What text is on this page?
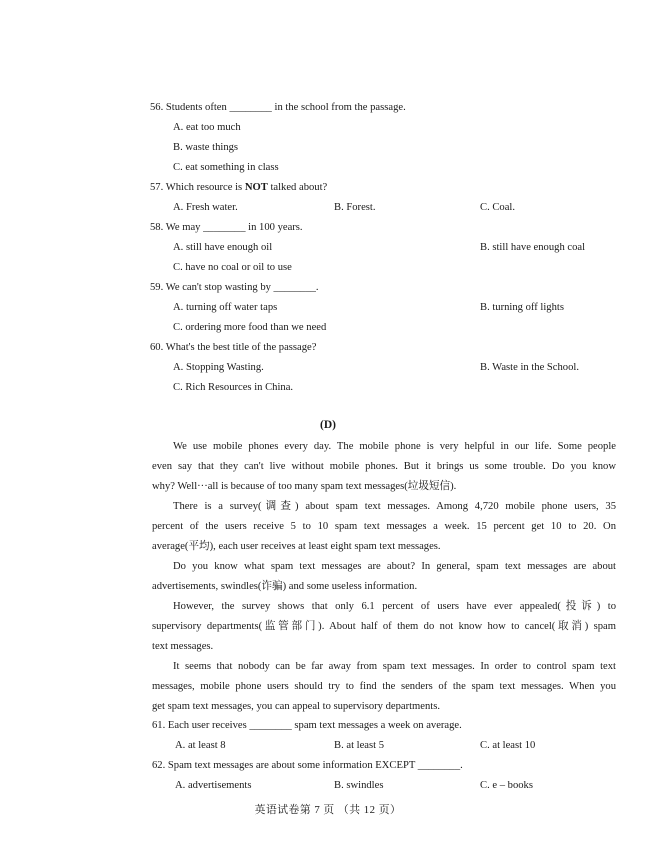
56. Students often ________ in the school from the passage.
A. eat too much
B. waste things
C. eat something in class
57. Which resource is NOT talked about?
A. Fresh water.	B. Forest.	C. Coal.
58. We may ________ in 100 years.
A. still have enough oil	B. still have enough coal
C. have no coal or oil to use
59. We can't stop wasting by ________.
A. turning off water taps	B. turning off lights
C. ordering more food than we need
60. What's the best title of the passage?
A. Stopping Wasting.	B. Waste in the School.
C. Rich Resources in China.
(D)
We use mobile phones every day. The mobile phone is very helpful in our life. Some people
even say that they can't live without mobile phones. But it brings us some trouble. Do you know
why? Well···all is because of too many spam text messages(垃圾短信).
There is a survey(调查) about spam text messages. Among 4,720 mobile phone users, 35
percent of the users receive 5 to 10 spam text messages a week. 15 percent get 10 to 20. On
average(平均), each user receives at least eight spam text messages.
Do you know what spam text messages are about? In general, spam text messages are about
advertisements, swindles(诈骗) and some useless information.
However, the survey shows that only 6.1 percent of users have ever appealed(投诉) to
supervisory departments(监管部门). About half of them do not know how to cancel(取消) spam
text messages.
It seems that nobody can be far away from spam text messages. In order to control spam text
messages, mobile phone users should try to find the senders of the spam text messages. When you
get spam text messages, you can appeal to supervisory departments.
61. Each user receives ________ spam text messages a week on average.
A. at least 8	B. at least 5	C. at least 10
62. Spam text messages are about some information EXCEPT ________.
A. advertisements	B. swindles	C. e – books
英语试卷第 7 页 （共 12 页）
